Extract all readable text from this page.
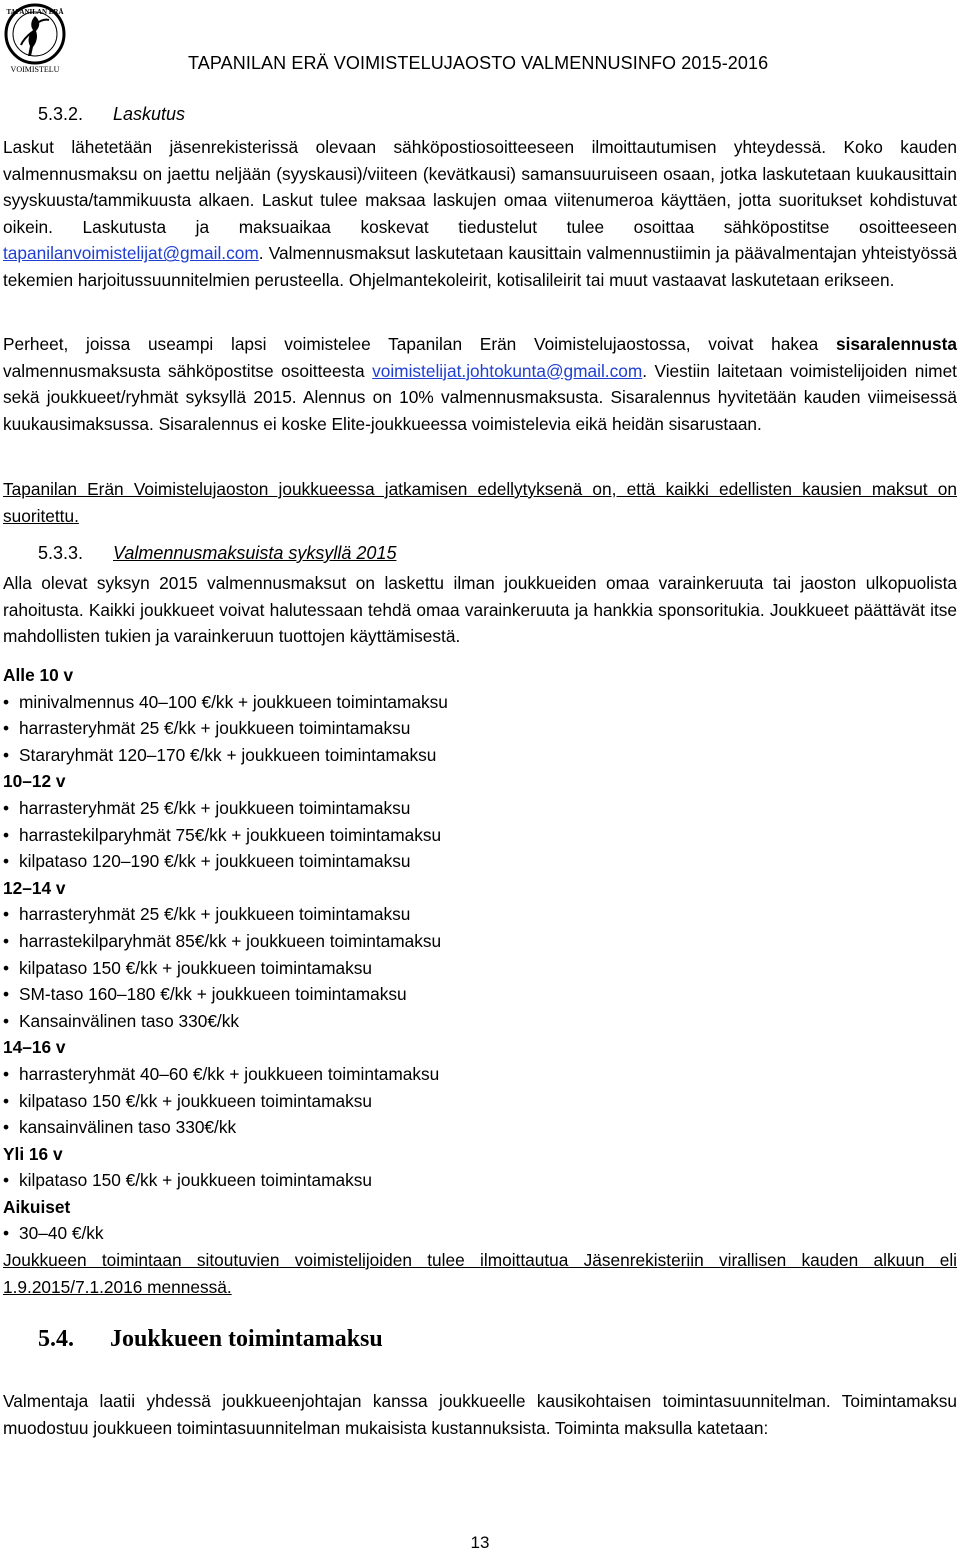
TAPANILAN ERÄ
VOIMISTELU	TAPANILAN ERÄ VOIMISTELUJAOSTO VALMENNUSINFO 2015-2016
5.3.2. Laskutus

Laskut lähetetään jäsenrekisterissä olevaan sähköpostiosoitteeseen ilmoittautumisen yhteydessä. Koko kauden valmennusmaksu on jaettu neljään (syyskausi)/viiteen (kevätkausi) samansuuruiseen osaan, jotka laskutetaan kuukausittain syyskuusta/tammikuusta alkaen. Laskut tulee maksaa laskujen omaa viitenumeroa käyttäen, jotta suoritukset kohdistuvat oikein. Laskutusta ja maksuaikaa koskevat tiedustelut tulee osoittaa sähköpostitse osoitteeseen tapanilanvoimistelijat@gmail.com. Valmennusmaksut laskutetaan kausittain valmennustiimin ja päävalmentajan yhteistyössä tekemien harjoitussuunnitelmien perusteella. Ohjelmantekoleirit, kotisalileirit tai muut vastaavat laskutetaan erikseen.

Perheet, joissa useampi lapsi voimistelee Tapanilan Erän Voimistelujaostossa, voivat hakea sisaralennusta valmennusmaksusta sähköpostitse osoitteesta voimistelijat.johtokunta@gmail.com. Viestiin laitetaan voimistelijoiden nimet sekä joukkueet/ryhmät syksyllä 2015. Alennus on 10% valmennusmaksusta. Sisaralennus hyvitetään kauden viimeisessä kuukausimaksussa. Sisaralennus ei koske Elite-joukkueessa voimistelevia eikä heidän sisarustaan.

Tapanilan Erän Voimistelujaoston joukkueessa jatkamisen edellytyksenä on, että kaikki edellisten kausien maksut on suoritettu.

5.3.3. Valmennusmaksuista syksyllä 2015

Alla olevat syksyn 2015 valmennusmaksut on laskettu ilman joukkueiden omaa varainkeruuta tai jaoston ulkopuolista rahoitusta. Kaikki joukkueet voivat halutessaan tehdä omaa varainkeruuta ja hankkia sponsoritukia. Joukkueet päättävät itse mahdollisten tukien ja varainkeruun tuottojen käyttämisestä.

Alle 10 v
• minivalmennus 40–100 €/kk + joukkueen toimintamaksu
• harrasteryhmät 25 €/kk + joukkueen toimintamaksu
• Stararyhmät 120–170 €/kk + joukkueen toimintamaksu
10–12 v
• harrasteryhmät 25 €/kk + joukkueen toimintamaksu
• harrastekilparyhmät 75€/kk + joukkueen toimintamaksu
• kilpataso 120–190 €/kk + joukkueen toimintamaksu
12–14 v
• harrasteryhmät 25 €/kk + joukkueen toimintamaksu
• harrastekilparyhmät 85€/kk + joukkueen toimintamaksu
• kilpataso 150 €/kk + joukkueen toimintamaksu
• SM-taso 160–180 €/kk + joukkueen toimintamaksu
• Kansainvälinen taso 330€/kk
14–16 v
• harrasteryhmät 40–60 €/kk + joukkueen toimintamaksu
• kilpataso 150 €/kk + joukkueen toimintamaksu
• kansainvälinen taso 330€/kk
Yli 16 v
• kilpataso 150 €/kk + joukkueen toimintamaksu
Aikuiset
• 30–40 €/kk

Joukkueen toimintaan sitoutuvien voimistelijoiden tulee ilmoittautua Jäsenrekisteriin virallisen kauden alkuun eli 1.9.2015/7.1.2016 mennessä.

5.4. Joukkueen toimintamaksu

Valmentaja laatii yhdessä joukkueenjohtajan kanssa joukkueelle kausikohtaisen toimintasuunnitelman. Toimintamaksu muodostuu joukkueen toimintasuunnitelman mukaisista kustannuksista. Toiminta maksulla katetaan:

13
